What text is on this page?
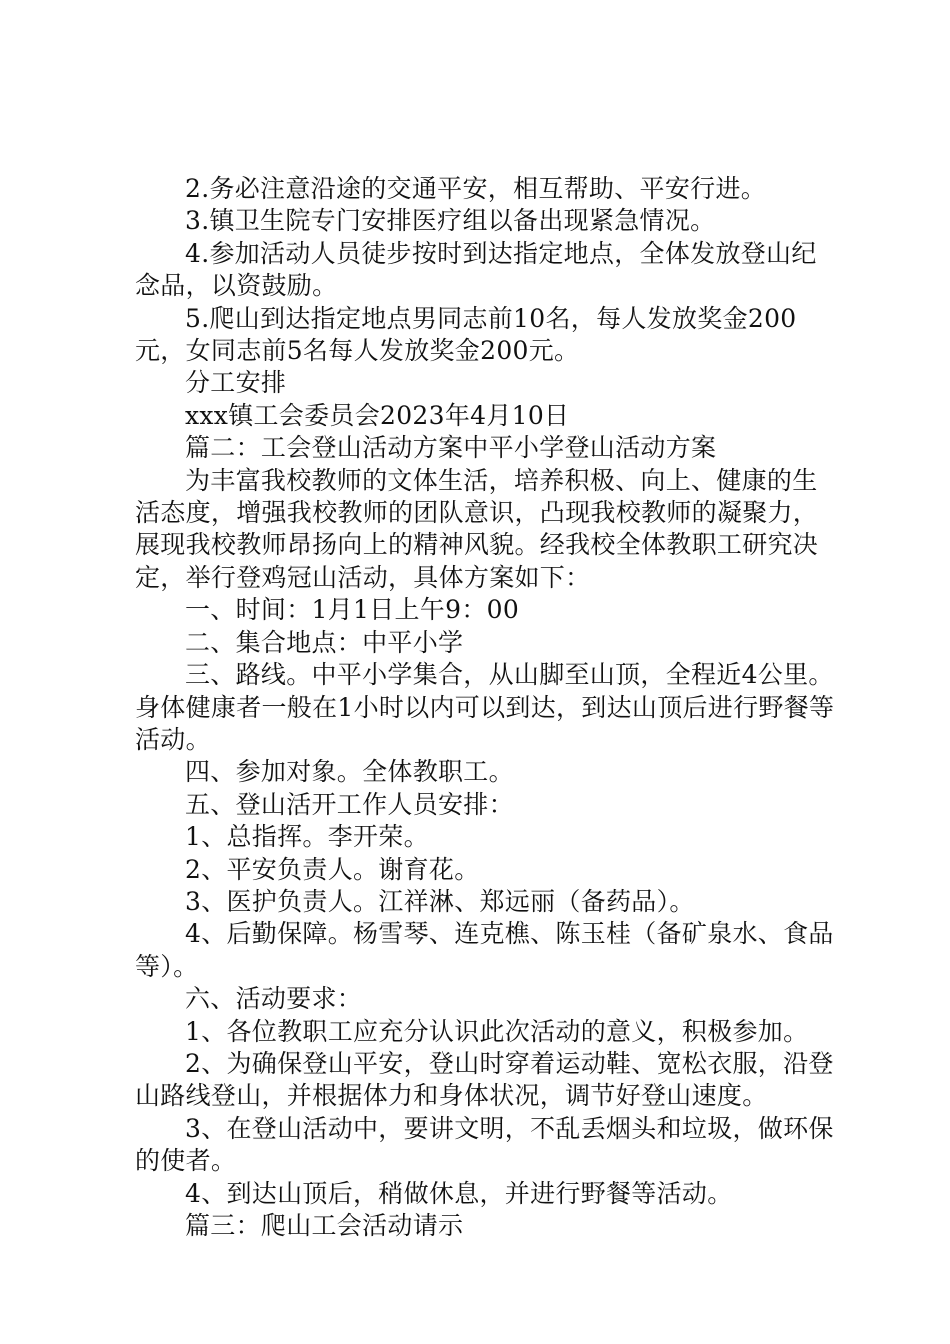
2.务必注意沿途的交通平安，相互帮助、平安行进。

3.镇卫生院专门安排医疗组以备出现紧急情况。

4.参加活动人员徒步按时到达指定地点，全体发放登山纪念品，以资鼓励。

5.爬山到达指定地点男同志前10名，每人发放奖金200元，女同志前5名每人发放奖金200元。

分工安排

xxx镇工会委员会2023年4月10日

篇二：工会登山活动方案中平小学登山活动方案

为丰富我校教师的文体生活，培养积极、向上、健康的生活态度，增强我校教师的团队意识，凸现我校教师的凝聚力，展现我校教师昂扬向上的精神风貌。经我校全体教职工研究决定，举行登鸡冠山活动，具体方案如下：

一、时间：1月1日上午9：00

二、集合地点：中平小学

三、路线。中平小学集合，从山脚至山顶，全程近4公里。身体健康者一般在1小时以内可以到达，到达山顶后进行野餐等活动。

四、参加对象。全体教职工。

五、登山活开工作人员安排：

1、总指挥。李开荣。

2、平安负责人。谢育花。

3、医护负责人。江祥淋、郑远丽（备药品）。

4、后勤保障。杨雪琴、连克樵、陈玉桂（备矿泉水、食品等）。

六、活动要求：

1、各位教职工应充分认识此次活动的意义，积极参加。

2、为确保登山平安，登山时穿着运动鞋、宽松衣服，沿登山路线登山，并根据体力和身体状况，调节好登山速度。

3、在登山活动中，要讲文明，不乱丢烟头和垃圾，做环保的使者。

4、到达山顶后，稍做休息，并进行野餐等活动。

篇三：爬山工会活动请示
